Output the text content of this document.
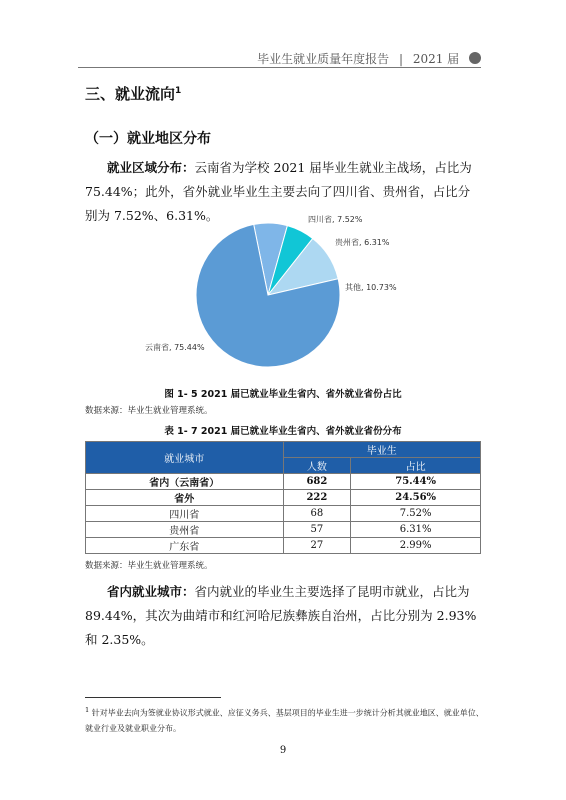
毕业生就业质量年度报告 | 2021 届
三、就业流向$^1$
（一）就业地区分布
就业区域分布：云南省为学校 2021 届毕业生就业主战场，占比为 75.44%；此外，省外就业毕业生主要去向了四川省、贵州省，占比分别为 7.52%、6.31%。	四川省, 7.52%
贵州省, 6.31%
其他, 10.73%
云南省, 75.44%
图 1- 5 2021 届已就业毕业生省内、省外就业省份占比
数据来源：毕业生就业管理系统。
表 1- 7 2021 届已就业毕业生省内、省外就业省份分布
就业城市	毕业生	
	人数	占比
省内（云南省）	682	75.44%
省外	222	24.56%
四川省	68	7.52%
贵州省	57	6.31%
广东省	27	2.99%
数据来源：毕业生就业管理系统。
省内就业城市：省内就业的毕业生主要选择了昆明市就业，占比为 89.44%，其次为曲靖市和红河哈尼族彝族自治州，占比分别为 2.93%和 2.35%。
$^1$ 针对毕业去向为签就业协议形式就业、应征义务兵、基层项目的毕业生进一步统计分析其就业地区、就业单位、就业行业及就业职业分布。
9
